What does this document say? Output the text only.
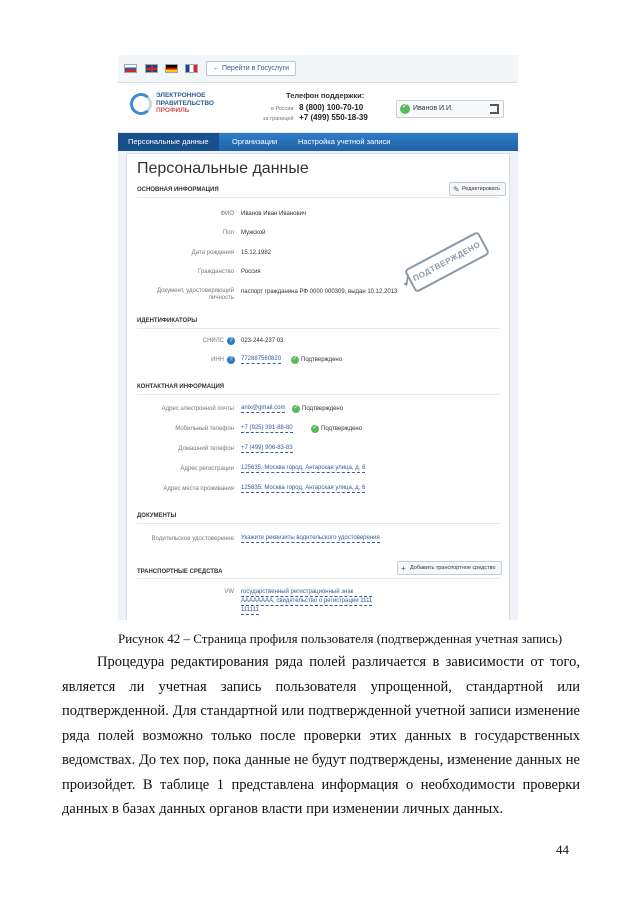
← Перейти в Госуслуги
ЭЛЕКТРОННОЕ
ПРАВИТЕЛЬСТВО
ПРОФИЛЬ
Телефон поддержки:
в России 8 (800) 100-70-10
за границей +7 (499) 550-18-39
✓
Иванов И.И.
Персональные данные	Организации	Настройка учетной записи
Персональные данные
ОСНОВНАЯ ИНФОРМАЦИЯ	✎ Редактировать
ФИО Иванов Иван Иванович
Пол Мужской
Дата рождения 15.12.1982
Гражданство Россия
Документ, удостоверяющий
личность
паспорт гражданина РФ 0000 000309, выдан 10.12.2013
✓ ПОДТВЕРЖДЕНО
ИДЕНТИФИКАТОРЫ
СНИЛС ?	023-244-237 03
ИНН ?	772887560820	Подтверждено ✓
КОНТАКТНАЯ ИНФОРМАЦИЯ
Адрес электронной почты anix@gmail.com	Подтверждено ✓
Мобильный телефон +7 (925) 391-88-80	Подтверждено ✓
Домашний телефон +7 (499) 906-83-83
Адрес регистрации 125635, Москва город, Ангарская улица, д. 6
Адрес места проживания 125635, Москва город, Ангарская улица, д. 6
ДОКУМЕНТЫ
Водительское удостоверение Укажите реквизиты водительского удостоверения
ТРАНСПОРТНЫЕ СРЕДСТВА	+ Добавить транспортное средство
VW государственный регистрационный знак
АААААААА, свидетельство о регистрации 1111
111111
Рисунок 42 – Страница профиля пользователя (подтвержденная учетная запись)

Процедура редактирования ряда полей различается в зависимости от того, является ли учетная запись пользователя упрощенной, стандартной или подтвержденной. Для стандартной или подтвержденной учетной записи изменение ряда полей возможно только после проверки этих данных в государственных ведомствах. До тех пор, пока данные не будут подтверждены, изменение данных не произойдет. В таблице 1 представлена информация о необходимости проверки данных в базах данных органов власти при изменении личных данных.

44
